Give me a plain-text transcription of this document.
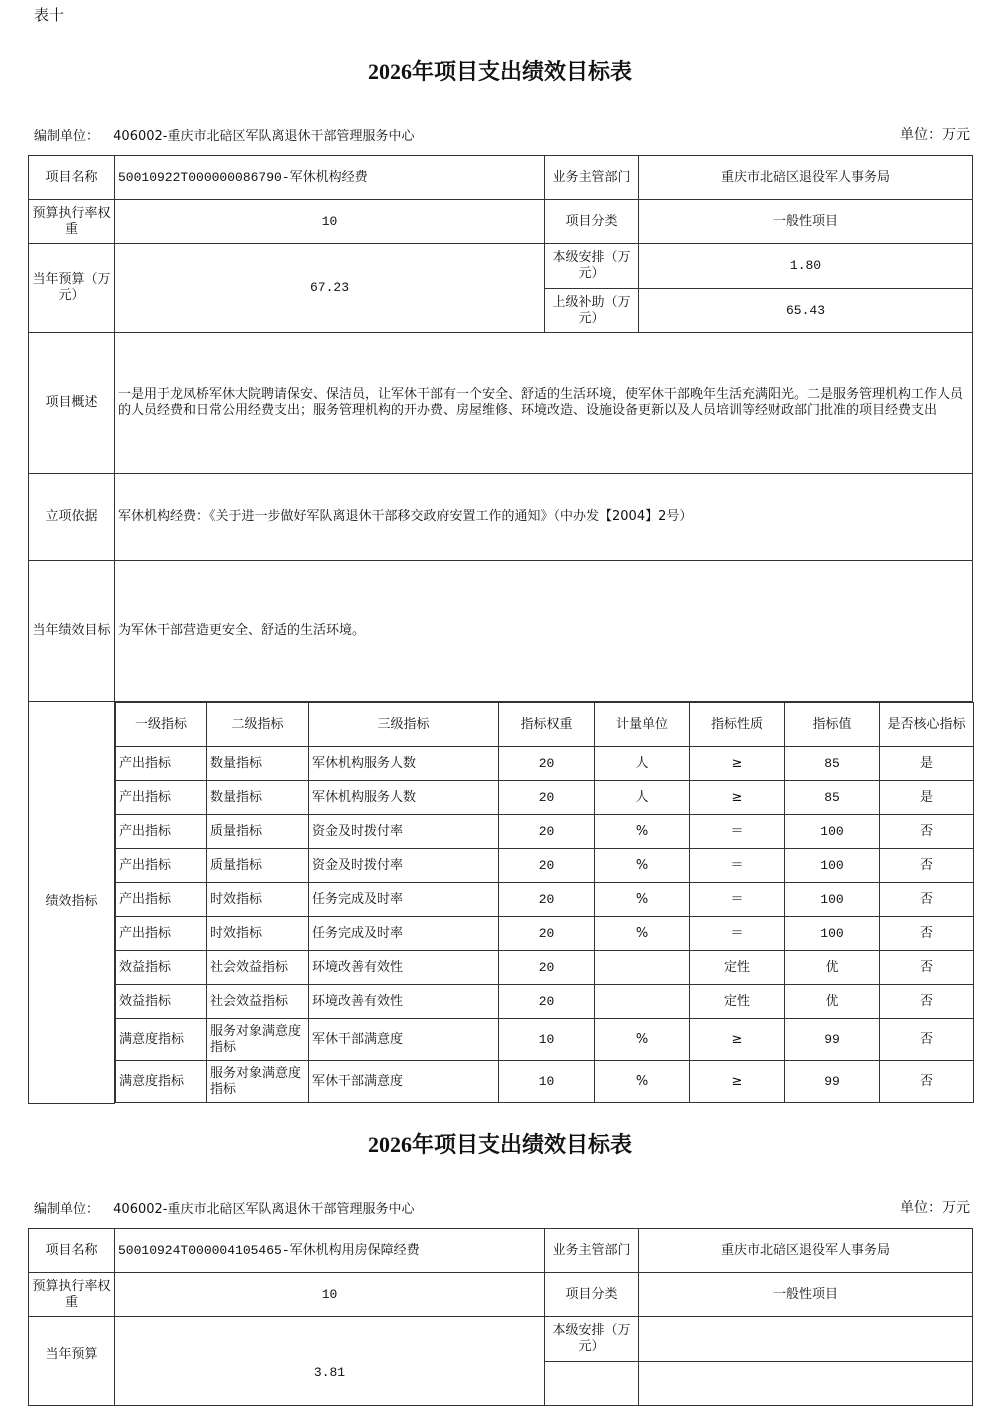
表十
2026年项目支出绩效目标表
编制单位： 406002-重庆市北碚区军队离退休干部管理服务中心	单位：万元
项目名称	50010922T000000086790-军休机构经费	业务主管部门	重庆市北碚区退役军人事务局
预算执行率权重	10	项目分类	一般性项目
当年预算（万元）	67.23	本级安排（万元）	1.80
上级补助（万元）	65.43
项目概述	一是用于龙凤桥军休大院聘请保安、保洁员，让军休干部有一个安全、舒适的生活环境，使军休干部晚年生活充满阳光。二是服务管理机构工作人员的人员经费和日常公用经费支出；服务管理机构的开办费、房屋维修、环境改造、设施设备更新以及人员培训等经财政部门批准的项目经费支出
立项依据	军休机构经费：《关于进一步做好军队离退休干部移交政府安置工作的通知》（中办发【2004】2号）
当年绩效目标	为军休干部营造更安全、舒适的生活环境。
绩效指标	
一级指标	二级指标	三级指标	指标权重	计量单位	指标性质	指标值	是否核心指标
产出指标	数量指标	军休机构服务人数	20	人	≥	85	是
产出指标	数量指标	军休机构服务人数	20	人	≥	85	是
产出指标	质量指标	资金及时拨付率	20	%	＝	100	否
产出指标	质量指标	资金及时拨付率	20	%	＝	100	否
产出指标	时效指标	任务完成及时率	20	%	＝	100	否
产出指标	时效指标	任务完成及时率	20	%	＝	100	否
效益指标	社会效益指标	环境改善有效性	20		定性	优	否
效益指标	社会效益指标	环境改善有效性	20		定性	优	否
满意度指标	服务对象满意度指标	军休干部满意度	10	%	≥	99	否
满意度指标	服务对象满意度指标	军休干部满意度	10	%	≥	99	否
2026年项目支出绩效目标表
编制单位： 406002-重庆市北碚区军队离退休干部管理服务中心	单位：万元
项目名称	50010924T000004105465-军休机构用房保障经费	业务主管部门	重庆市北碚区退役军人事务局
预算执行率权重	10	项目分类	一般性项目
当年预算	3.81	本级安排（万元）	
